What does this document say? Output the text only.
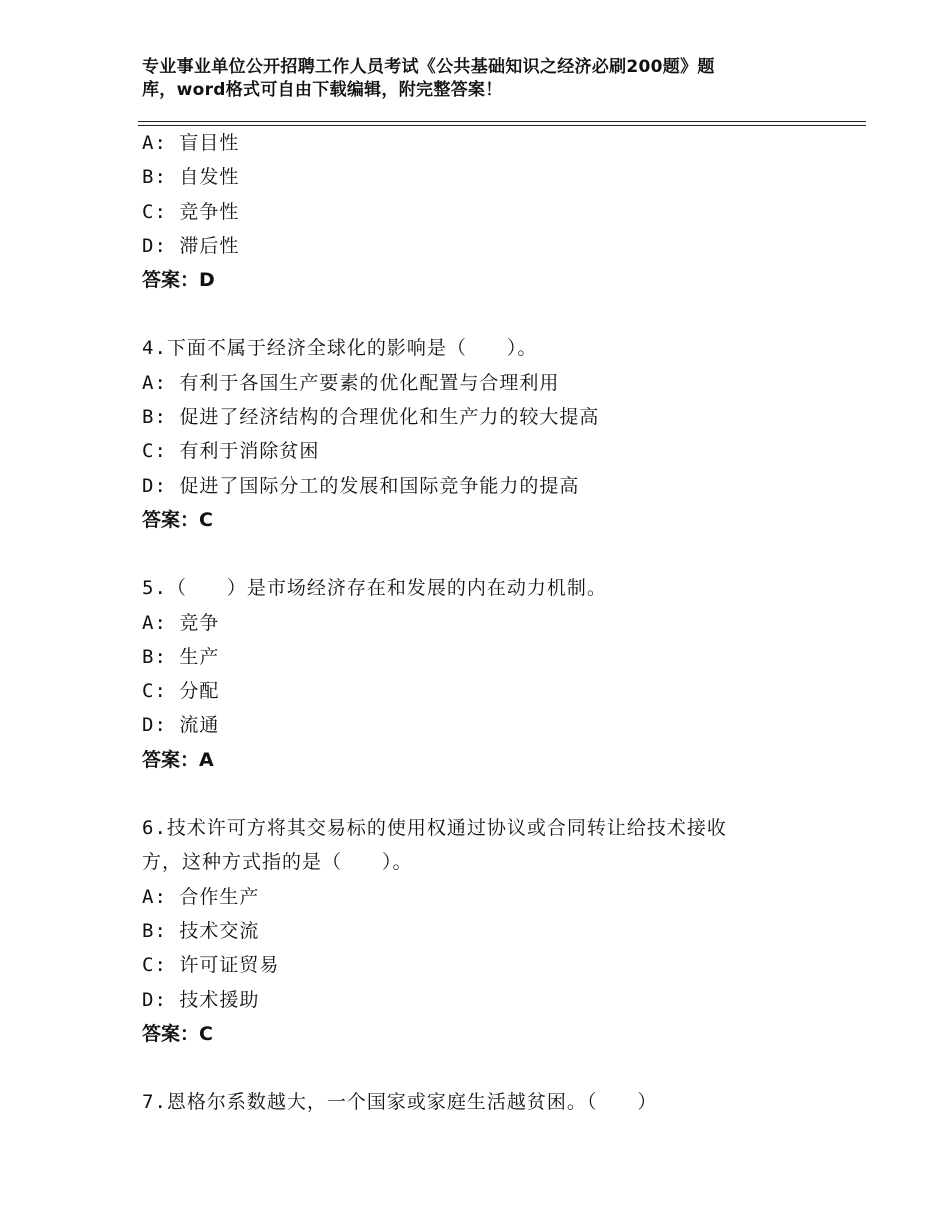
专业事业单位公开招聘工作人员考试《公共基础知识之经济必刷200题》题
库，word格式可自由下载编辑，附完整答案！
A: 盲目性
B: 自发性
C: 竞争性
D: 滞后性
答案：D
4.下面不属于经济全球化的影响是（　　）。
A: 有利于各国生产要素的优化配置与合理利用
B: 促进了经济结构的合理优化和生产力的较大提高
C: 有利于消除贫困
D: 促进了国际分工的发展和国际竞争能力的提高
答案：C
5.（　　）是市场经济存在和发展的内在动力机制。
A: 竞争
B: 生产
C: 分配
D: 流通
答案：A
6.技术许可方将其交易标的使用权通过协议或合同转让给技术接收
方，这种方式指的是（　　）。
A: 合作生产
B: 技术交流
C: 许可证贸易
D: 技术援助
答案：C
7.恩格尔系数越大，一个国家或家庭生活越贫困。（　　）
